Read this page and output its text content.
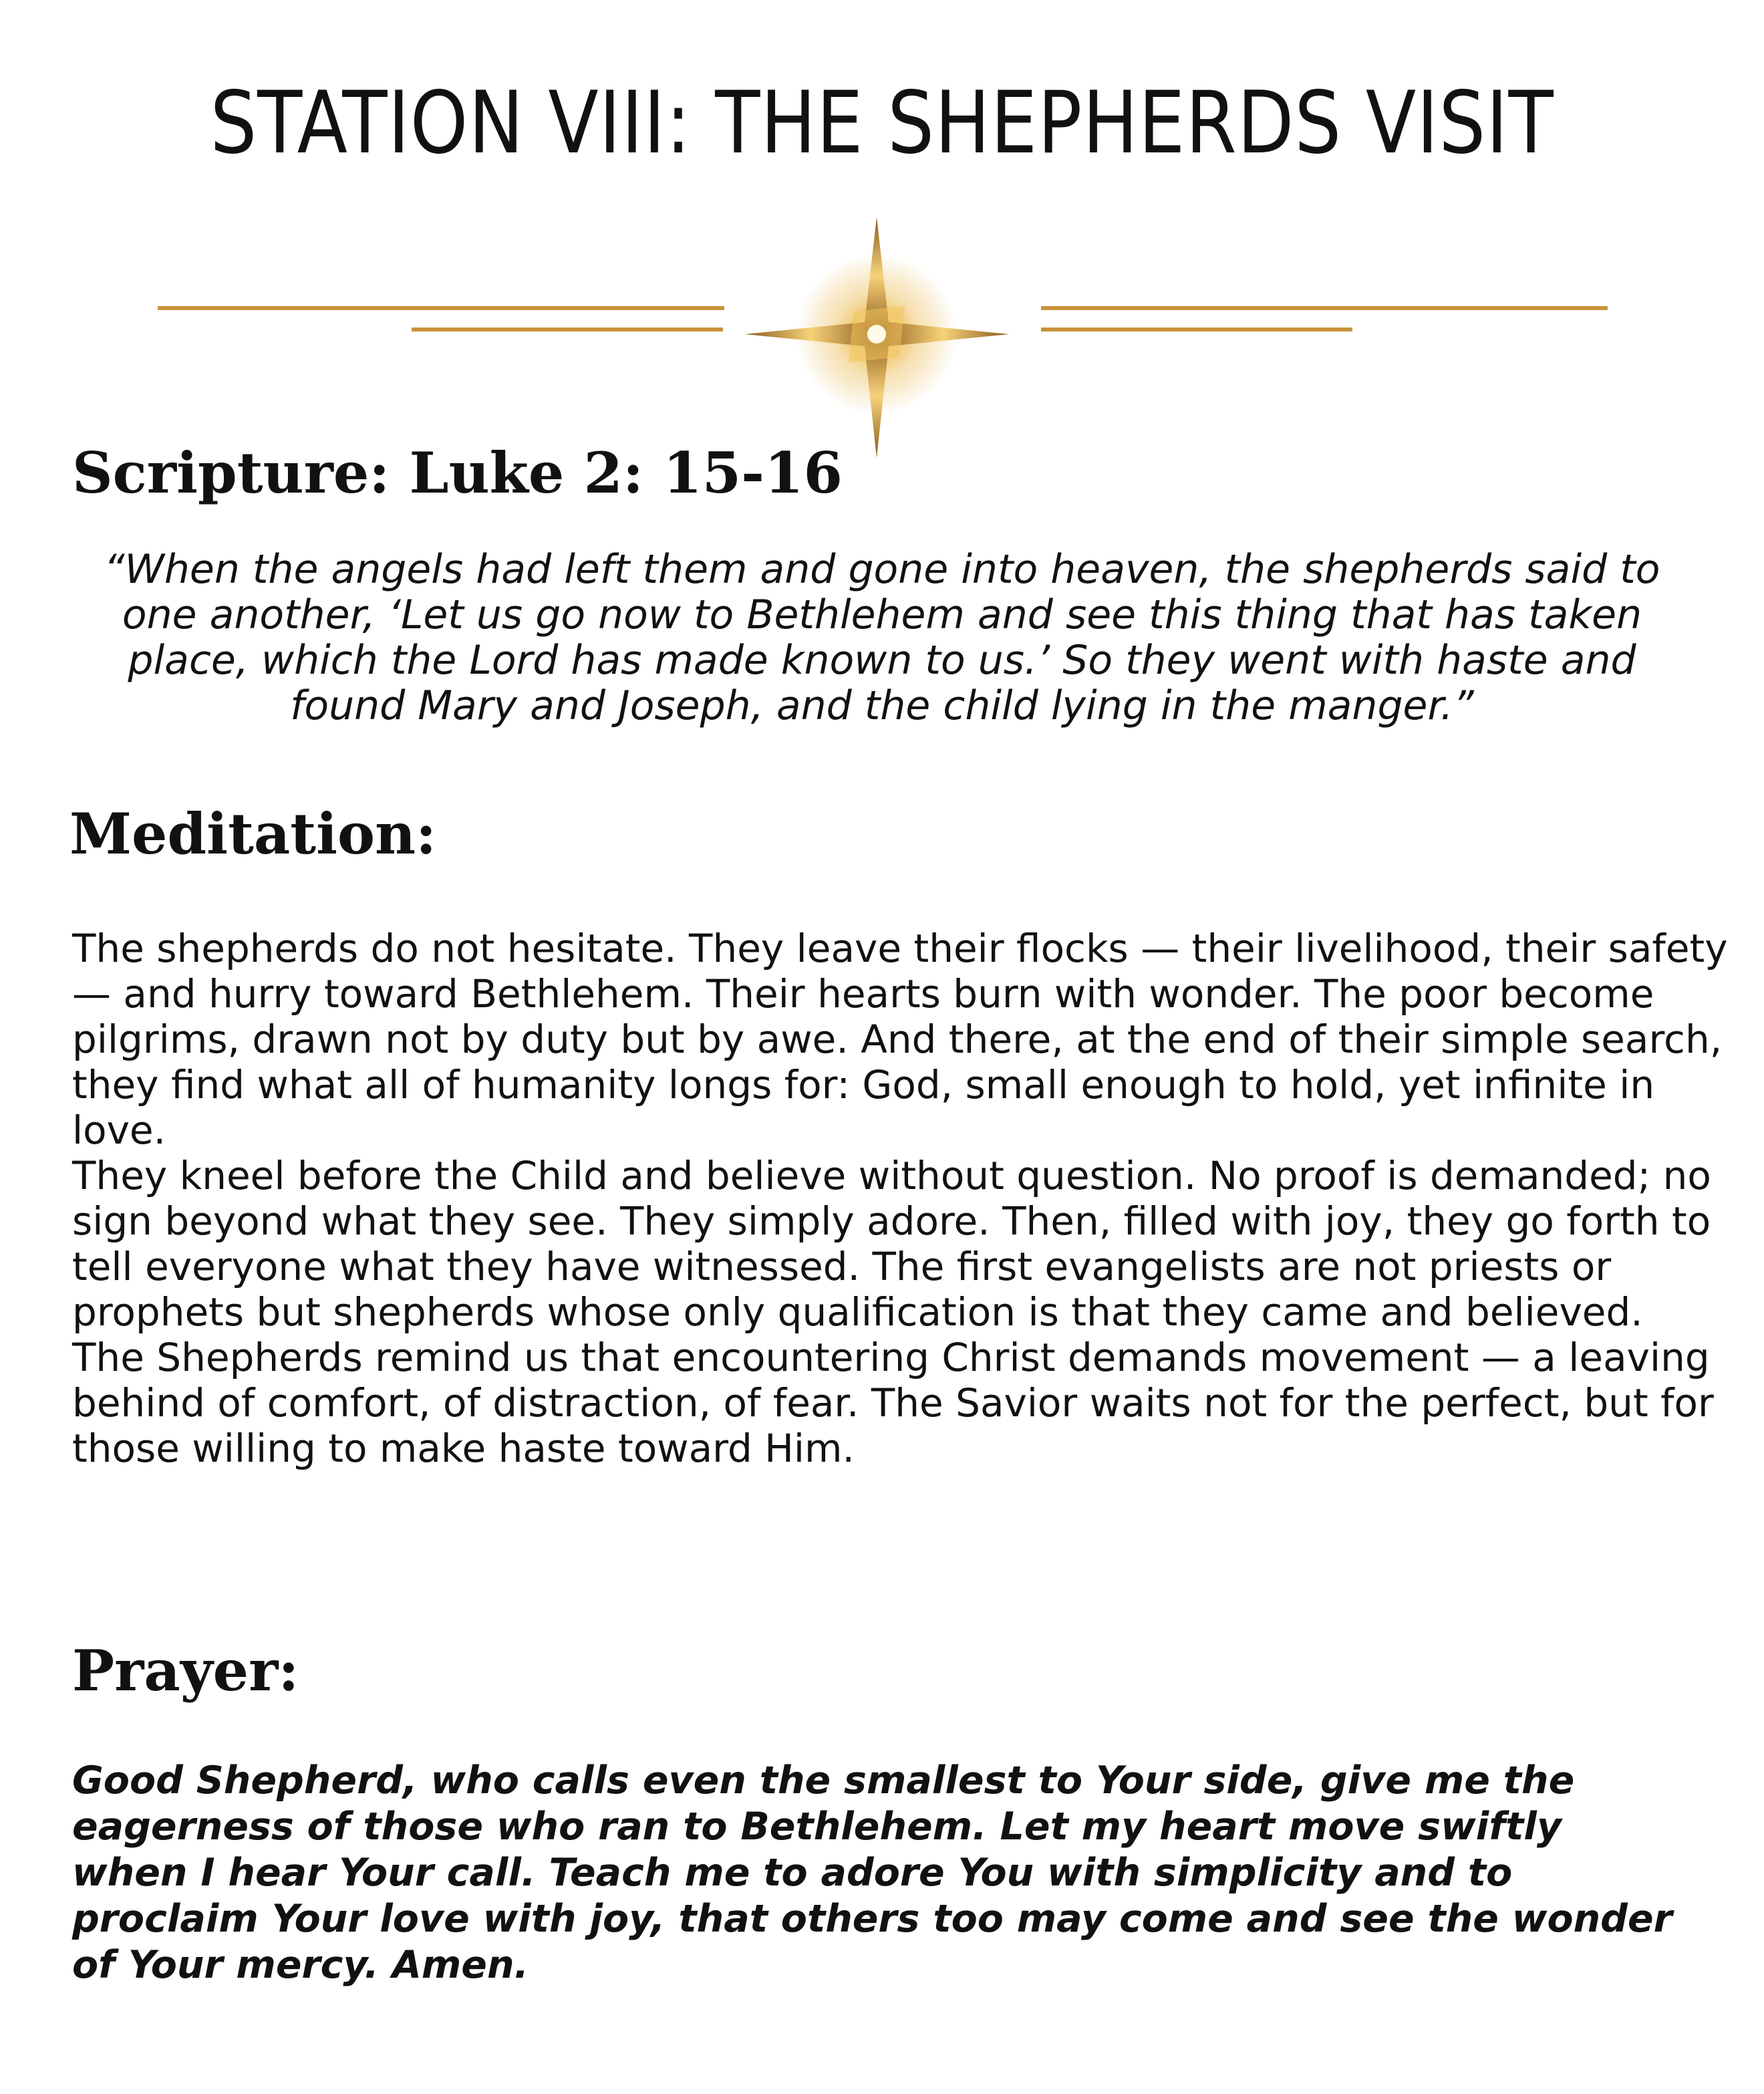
STATION VIII: THE SHEPHERDS VISIT
Scripture: Luke 2: 15-16

“When the angels had left them and gone into heaven, the shepherds said to one another, ‘Let us go now to Bethlehem and see this thing that has taken place, which the Lord has made known to us.’ So they went with haste and found Mary and Joseph, and the child lying in the manger.”

Meditation:

The shepherds do not hesitate. They leave their flocks — their livelihood, their safety — and hurry toward Bethlehem. Their hearts burn with wonder. The poor become pilgrims, drawn not by duty but by awe. And there, at the end of their simple search, they find what all of humanity longs for: God, small enough to hold, yet infinite in love.

They kneel before the Child and believe without question. No proof is demanded; no sign beyond what they see. They simply adore. Then, filled with joy, they go forth to tell everyone what they have witnessed. The first evangelists are not priests or prophets but shepherds whose only qualification is that they came and believed.

The Shepherds remind us that encountering Christ demands movement — a leaving behind of comfort, of distraction, of fear. The Savior waits not for the perfect, but for those willing to make haste toward Him.

Prayer:

Good Shepherd, who calls even the smallest to Your side, give me the eagerness of those who ran to Bethlehem. Let my heart move swiftly when I hear Your call. Teach me to adore You with simplicity and to proclaim Your love with joy, that others too may come and see the wonder of Your mercy. Amen.
